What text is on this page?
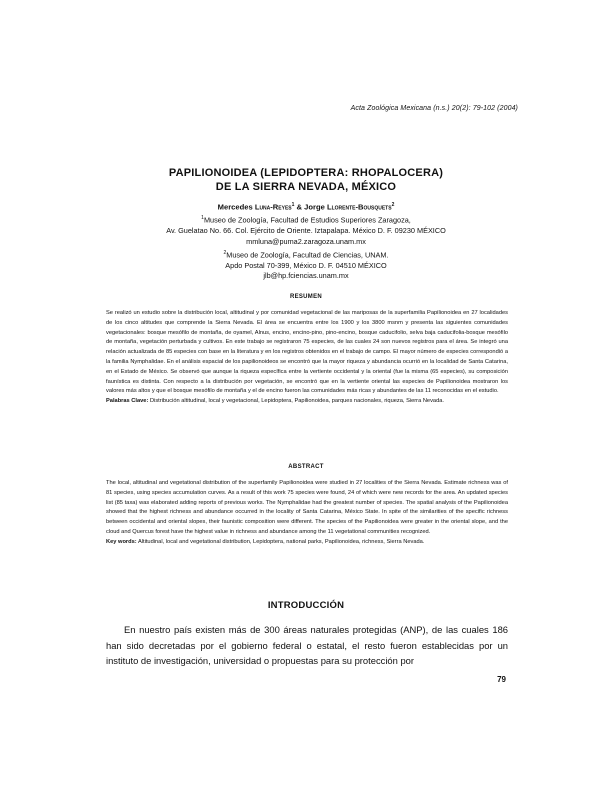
Acta Zoológica Mexicana (n.s.) 20(2): 79-102 (2004)
PAPILIONOIDEA (LEPIDOPTERA: RHOPALOCERA)
DE LA SIERRA NEVADA, MÉXICO
Mercedes Luna-Reyes$^1$ & Jorge Llorente-Bousquets$^2$
$^1$Museo de Zoología, Facultad de Estudios Superiores Zaragoza,
Av. Guelatao No. 66. Col. Ejército de Oriente. Iztapalapa. México D. F. 09230 MÉXICO
mmluna@puma2.zaragoza.unam.mx
$^2$Museo de Zoología, Facultad de Ciencias, UNAM.
Apdo Postal 70-399, México D. F. 04510 MÉXICO
jlb@hp.fciencias.unam.mx
RESUMEN

Se realizó un estudio sobre la distribución local, altitudinal y por comunidad vegetacional de las mariposas de la superfamilia Papilionoidea en 27 localidades de los cinco altitudes que comprende la Sierra Nevada. El área se encuentra entre los 1900 y los 3800 msnm y presenta las siguientes comunidades vegetacionales: bosque mesófilo de montaña, de oyamel, Alnus, encino, encino-pino, pino-encino, bosque caducifolio, selva baja caducifolia-bosque mesófilo de montaña, vegetación perturbada y cultivos. En este trabajo se registraron 75 especies, de las cuales 24 son nuevos registros para el área. Se integró una relación actualizada de 85 especies con base en la literatura y en los registros obtenidos en el trabajo de campo. El mayor número de especies correspondió a la familia Nymphalidae. En el análisis espacial de los papilionoideos se encontró que la mayor riqueza y abundancia ocurrió en la localidad de Santa Catarina, en el Estado de México. Se observó que aunque la riqueza específica entre la vertiente occidental y la oriental (fue la misma (65 especies), su composición faunística es distinta. Con respecto a la distribución por vegetación, se encontró que en la vertiente oriental las especies de Papilionoidea mostraron los valores más altos y que el bosque mesófilo de montaña y el de encino fueron las comunidades más ricas y abundantes de las 11 reconocidas en el estudio.

Palabras Clave: Distribución altitudinal, local y vegetacional, Lepidoptera, Papilionoidea, parques nacionales, riqueza, Sierra Nevada.

ABSTRACT

The local, altitudinal and vegetational distribution of the superfamily Papilionoidea were studied in 27 localities of the Sierra Nevada. Estimate richness was of 81 species, using species accumulation curves. As a result of this work 75 species were found, 24 of which were new records for the area. An updated species list (85 taxa) was elaborated adding reports of previous works. The Nymphalidae had the greatest number of species. The spatial analysis of the Papilionoidea showed that the highest richness and abundance occurred in the locality of Santa Catarina, México State. In spite of the similarities of the specific richness between occidental and oriental slopes, their faunistic composition were different. The species of the Papilionoidea were greater in the oriental slope, and the cloud and Quercus forest have the highest value in richness and abundance among the 11 vegetational communities recognized.

Key words: Altitudinal, local and vegetational distribution, Lepidoptera, national parks, Papilionoidea, richness, Sierra Nevada.

INTRODUCCIÓN

En nuestro país existen más de 300 áreas naturales protegidas (ANP), de las cuales 186 han sido decretadas por el gobierno federal o estatal, el resto fueron establecidas por un instituto de investigación, universidad o propuestas para su protección por

79
